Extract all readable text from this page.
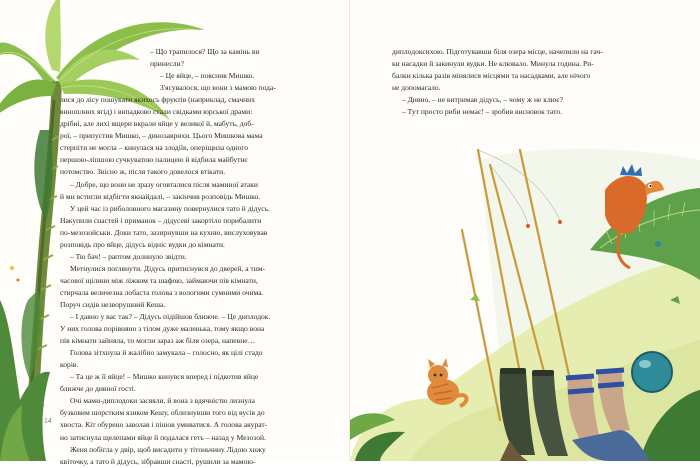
– Що трапилося? Що за камінь ви

принесли?

– Це яйце, – пояснив Мишко.

З'ясувалося, що вони з мамою пода-

лися до лісу пошукати якихось фруктів (наприклад, смачних

виноплних ягід) і випадково стали свідками юрської драми:

дрібні, але лихі ящери вкрали яйце у великої й, мабуть, доб-

рої, – припустив Мишко, – динозаврихи. Цього Мишкова мама

стерпіти не могла – кинулася на злодіїв, оперіщила одного

першою-ліпшою сучкуватою палицею й відбила майбутнє

потомство. Звісно ж, після такого довелося втікати.

– Добре, що вони не зразу оговталися після маминої атаки

й ми встигли відбігти якнайдалі, – закінчив розповідь Мишко.

У цей час із риболовного магазину повернулися тато й дідусь.

Накупили снастей і приманок – дідусеві закортіло порибалити

по-мезозойськи. Доки тато, зазирнувши на кухню, вислуховував

розповідь про яйце, дідусь відніс вудки до кімнати.

– Тю бач! – раптом долинуло звідти.

Метнулися поглянути. Дідусь притиснувся до дверей, а тим-

часової щілини між ліжком та шафою, займаючи пів кімнати,

стирчала величезна лобаста голова з вологими сумними очима.

Поруч сидів незворушний Кеша.

– І давно у вас так? – Дідусь підійшов ближче. – Це диплодок.

У них голова порівняно з тілом дуже маленька, тому якщо вона

пів кімнати зайняла, то могли зараз аж біля озера, напевне…

Голова зітхнула й жалібно замукала – голосно, як цілі стадо

корів.

– Та це ж її яйце! – Мишко кинувся вперед і підкотив яйце

ближче до дивної гості.

Очі мами-диплодоки засяяли, й вона з вдячністю лизнула

бузковим шорстким язиком Кешу, облизнувши того від вусів до

хвоста. Кіт обурено заволав і пішов умиватися. А голова акурат-

но затиснула щелепами яйце й подалася геть – назад у Мезозой.

Женя побігла у двір, щоб висадити у тітоньчину Лідою хижу

квіточку, а тато й дідусь, зібравши снасті, рушили за мамою-

14

диплодоксихою. Підготувавши біля озера місце, начепили на гач-

ки насадки й закинули вудки. Не клювало. Минула година. Ри-

балки кілька разів мінялися місцями та насадками, але нічого

не допомагало.

– Дивно, – не витримав дідусь, – чому ж не клює?

– Тут просто риби немає! – зробив висновок тато.
